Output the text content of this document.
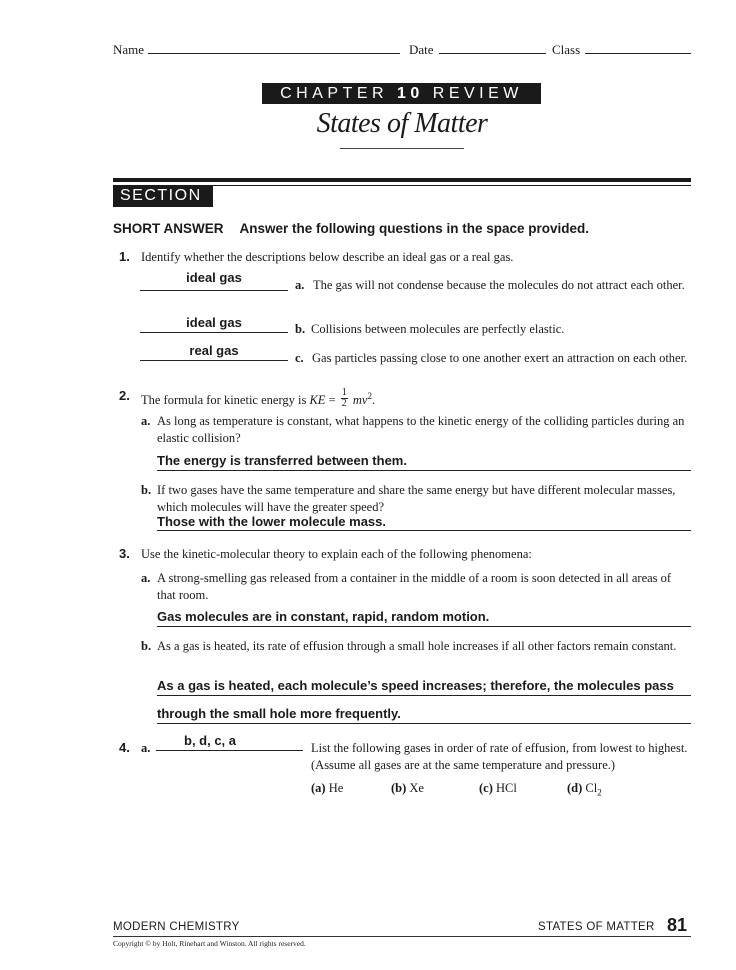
Name	Date	Class
CHAPTER 10 REVIEW
States of Matter
SECTION 1
SHORT ANSWER Answer the following questions in the space provided.
1. Identify whether the descriptions below describe an ideal gas or a real gas.
ideal gas	a. The gas will not condense because the molecules do not attract each other.
ideal gas	b. Collisions between molecules are perfectly elastic.
real gas	c. Gas particles passing close to one another exert an attraction on each other.
2. The formula for kinetic energy is KE = $\frac{1}{2} mv^2$.
a. As long as temperature is constant, what happens to the kinetic energy of the colliding particles during an elastic collision?
The energy is transferred between them.
b. If two gases have the same temperature and share the same energy but have different molecular masses, which molecules will have the greater speed?
Those with the lower molecule mass.
3. Use the kinetic-molecular theory to explain each of the following phenomena:
a. A strong-smelling gas released from a container in the middle of a room is soon detected in all areas of that room.
Gas molecules are in constant, rapid, random motion.
b. As a gas is heated, its rate of effusion through a small hole increases if all other factors remain constant.
As a gas is heated, each molecule’s speed increases; therefore, the molecules pass
through the small hole more frequently.
4. a.	b, d, c, a	List the following gases in order of rate of effusion, from lowest to highest. (Assume all gases are at the same temperature and pressure.)
(a) He	(b) Xe	(c) HCl	(d) $Cl_2$
MODERN CHEMISTRY	STATES OF MATTER 81
Copyright © by Holt, Rinehart and Winston. All rights reserved.
